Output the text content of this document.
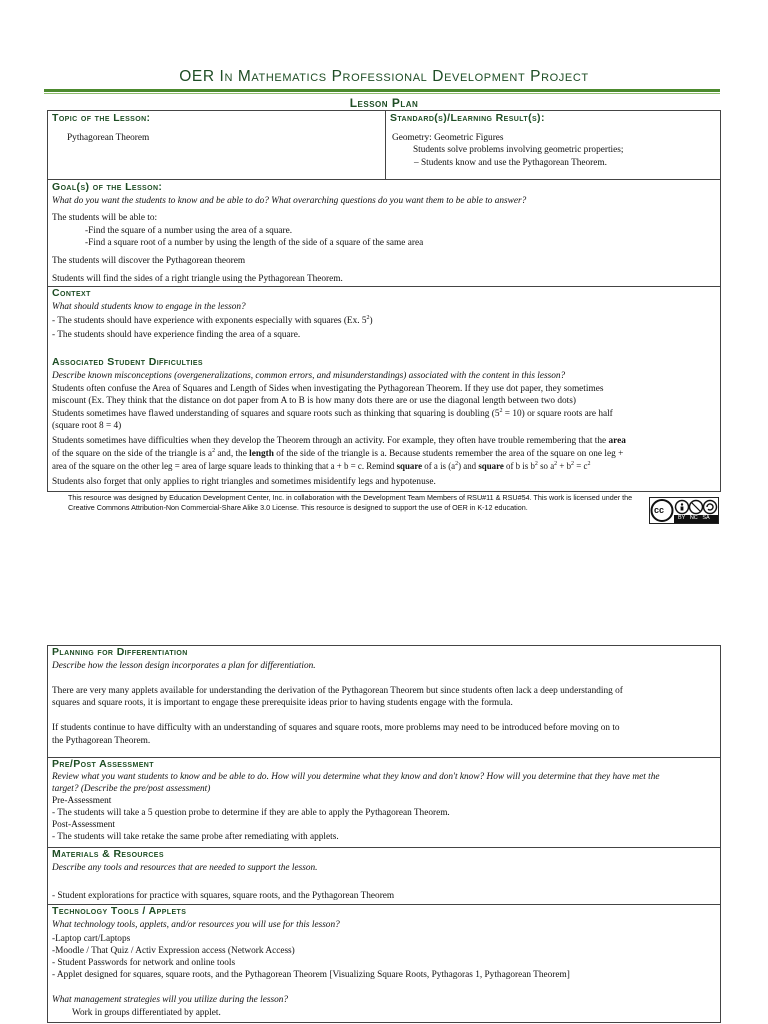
OER In Mathematics Professional Development Project
Lesson Plan
Topic of the Lesson:
Pythagorean Theorem
Standard(s)/Learning Result(s):
Geometry: Geometric Figures
Students solve problems involving geometric properties;
– Students know and use the Pythagorean Theorem.
Goal(s) of the Lesson:
What do you want the students to know and be able to do? What overarching questions do you want them to be able to answer?
The students will be able to:
-Find the square of a number using the area of a square.
-Find a square root of a number by using the length of the side of a square of the same area
The students will discover the Pythagorean theorem
Students will find the sides of a right triangle using the Pythagorean Theorem.
Context
What should students know to engage in the lesson?
- The students should have experience with exponents especially with squares (Ex. $5^2$)
- The students should have experience finding the area of a square.
Associated Student Difficulties
Describe known misconceptions (overgeneralizations, common errors, and misunderstandings) associated with the content in this lesson?
Students often confuse the Area of Squares and Length of Sides when investigating the Pythagorean Theorem. If they use dot paper, they sometimes
miscount (Ex. They think that the distance on dot paper from A to B is how many dots there are or use the diagonal length between two dots)
Students sometimes have flawed understanding of squares and square roots such as thinking that squaring is doubling $(5^2 = 10)$ or square roots are half
(square root 8 = 4)
Students sometimes have difficulties when they develop the Theorem through an activity. For example, they often have trouble remembering that the area
of the square on the side of the triangle is $a^2$ and, the length of the side of the triangle is a. Because students remember the area of the square on one leg +
area of the square on the other leg = area of large square leads to thinking that a + b = c. Remind square of a is $(a^2)$ and square of b is $b^2$ so $a^2 + b^2 = c^2$
Students also forget that only applies to right triangles and sometimes misidentify legs and hypotenuse.
This resource was designed by Education Development Center, Inc. in collaboration with the Development Team Members of RSU#11 & RSU#54. This work is licensed under the Creative Commons Attribution-Non Commercial-Share Alike 3.0 License. This resource is designed to support the use of OER in K-12 education.	cc
BY   NC   SA
Planning for Differentiation
Describe how the lesson design incorporates a plan for differentiation.
There are very many applets available for understanding the derivation of the Pythagorean Theorem but since students often lack a deep understanding of
squares and square roots, it is important to engage these prerequisite ideas prior to having students engage with the formula.
If students continue to have difficulty with an understanding of squares and square roots, more problems may need to be introduced before moving on to
the Pythagorean Theorem.
Pre/Post Assessment
Review what you want students to know and be able to do. How will you determine what they know and don't know? How will you determine that they have met the
target? (Describe the pre/post assessment)
Pre-Assessment
- The students will take a 5 question probe to determine if they are able to apply the Pythagorean Theorem.
Post-Assessment
- The students will take retake the same probe after remediating with applets.
Materials & Resources
Describe any tools and resources that are needed to support the lesson.
- Student explorations for practice with squares, square roots, and the Pythagorean Theorem
Technology Tools / Applets
What technology tools, applets, and/or resources you will use for this lesson?
-Laptop cart/Laptops
-Moodle / That Quiz / Activ Expression access (Network Access)
- Student Passwords for network and online tools
- Applet designed for squares, square roots, and the Pythagorean Theorem [Visualizing Square Roots, Pythagoras 1, Pythagorean Theorem]
What management strategies will you utilize during the lesson?
Work in groups differentiated by applet.
